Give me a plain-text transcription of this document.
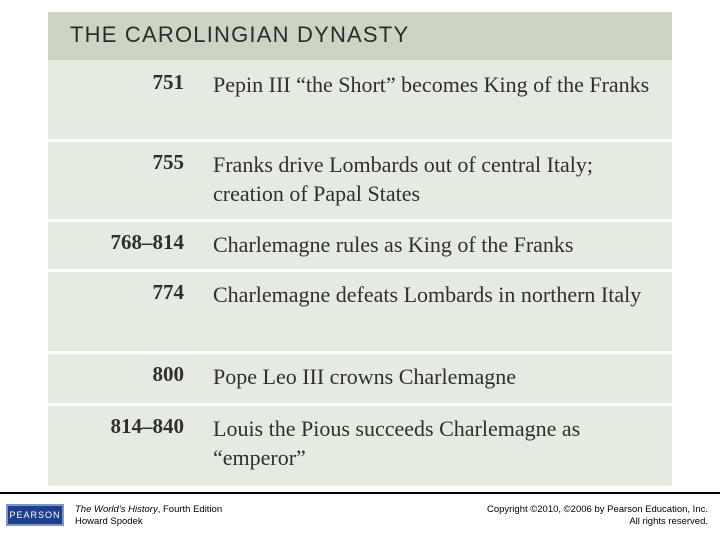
THE CAROLINGIAN DYNASTY
751 Pepin III “the Short” becomes King of the Franks
755 Franks drive Lombards out of central Italy; creation of Papal States
768–814 Charlemagne rules as King of the Franks
774 Charlemagne defeats Lombards in northern Italy
800 Pope Leo III crowns Charlemagne
814–840 Louis the Pious succeeds Charlemagne as “emperor”
PEARSON	The World’s History, Fourth Edition
Howard Spodek
Copyright ©2010, ©2006 by Pearson Education, Inc.
All rights reserved.
